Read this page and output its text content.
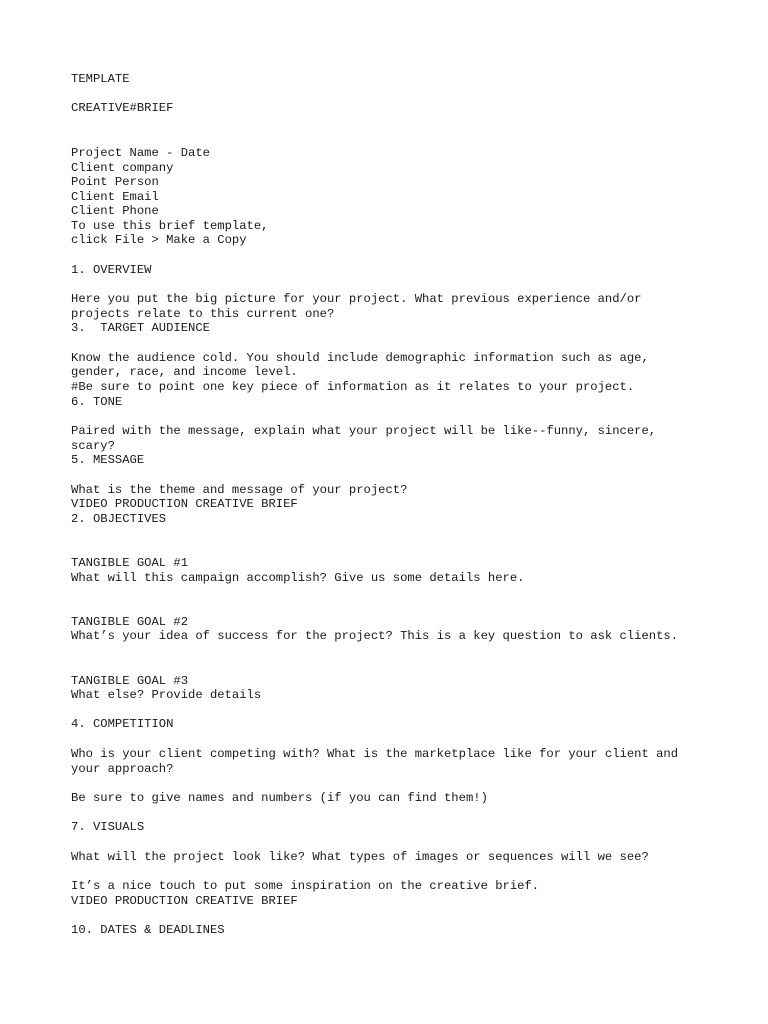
TEMPLATE
CREATIVE#BRIEF
Project Name - Date
Client company
Point Person
Client Email
Client Phone
To use this brief template,
click File > Make a Copy
1. OVERVIEW
Here you put the big picture for your project. What previous experience and/or
projects relate to this current one?
3.  TARGET AUDIENCE
Know the audience cold. You should include demographic information such as age,
gender, race, and income level.
#Be sure to point one key piece of information as it relates to your project.
6. TONE
Paired with the message, explain what your project will be like--funny, sincere,
scary?
5. MESSAGE
What is the theme and message of your project?
VIDEO PRODUCTION CREATIVE BRIEF
2. OBJECTIVES
TANGIBLE GOAL #1
What will this campaign accomplish? Give us some details here.
TANGIBLE GOAL #2
What’s your idea of success for the project? This is a key question to ask clients.
TANGIBLE GOAL #3
What else? Provide details
4. COMPETITION
Who is your client competing with? What is the marketplace like for your client and
your approach?
Be sure to give names and numbers (if you can find them!)
7. VISUALS
What will the project look like? What types of images or sequences will we see?
It’s a nice touch to put some inspiration on the creative brief.
VIDEO PRODUCTION CREATIVE BRIEF
10. DATES & DEADLINES
